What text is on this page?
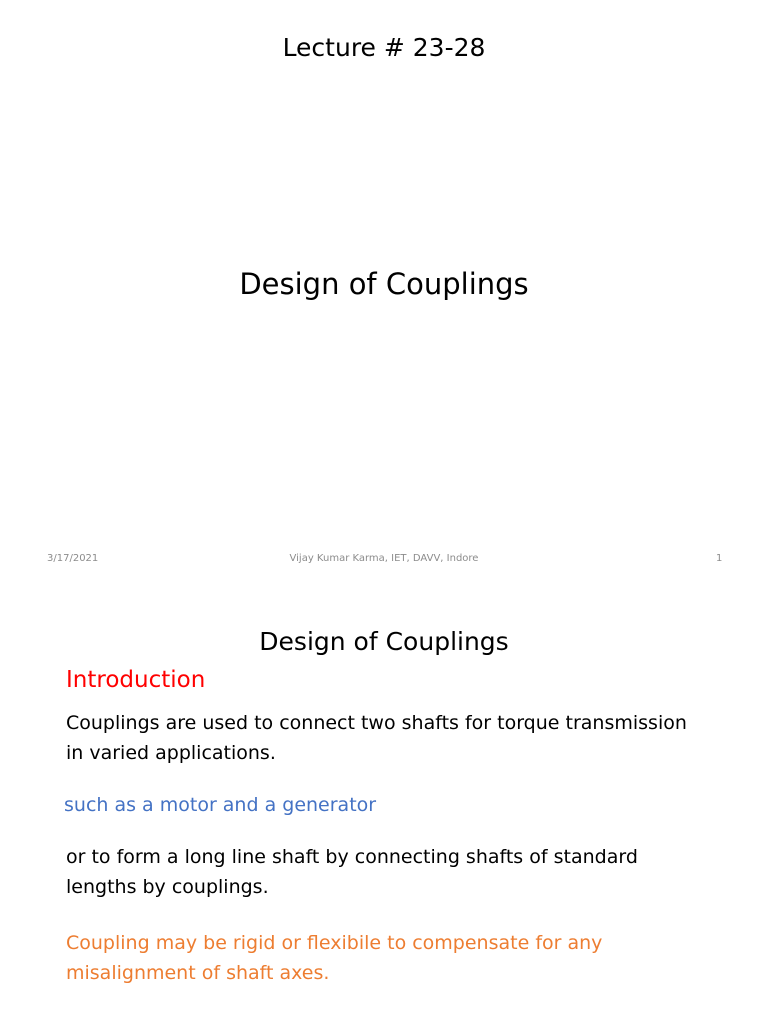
Lecture # 23-28
Design of Couplings
3/17/2021	Vijay Kumar Karma, IET, DAVV, Indore	1
Design of Couplings
Introduction
Couplings are used to connect two shafts for torque transmission
in varied applications.
such as a motor and a generator
or to form a long line shaft by connecting shafts of standard
lengths by couplings.
Coupling may be rigid or flexibile to compensate for any
misalignment of shaft axes.
